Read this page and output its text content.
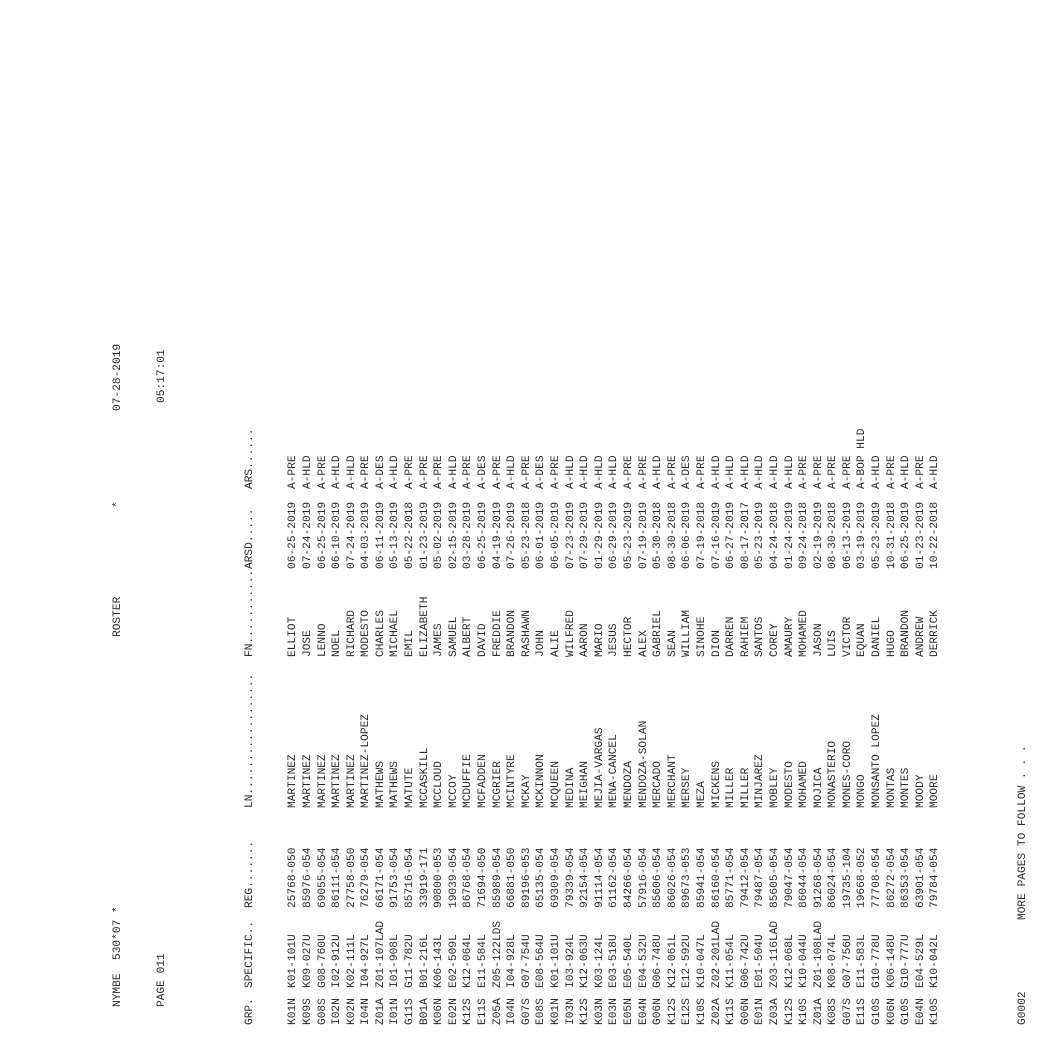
NYMBE  530*07 *

ROSTER

*

07-28-2019

PAGE 011

05:17:01

GRP.
SPECIFIC..
REG.......
LN..................
FN...........
ARSD.....
ARS......

K01N
K01-101U
25768-050
MARTINEZ
ELLIOT
06-25-2019
A-PRE
K09S
K09-027U
85976-054
MARTINEZ
JOSE
07-24-2019
A-HLD
G08S
G08-760U
69055-054
MARTINEZ
LENNO
06-25-2019
A-PRE
I02N
I02-912U
86111-054
MARTINEZ
NOEL
06-10-2019
A-HLD
K02N
K02-111L
27758-050
MARTINEZ
RICHARD
07-24-2019
A-HLD
I04N
I04-927L
76279-054
MARTINEZ-LOPEZ
MODESTO
04-03-2019
A-PRE
Z01A
Z01-107LAD
66171-054
MATHEWS
CHARLES
06-11-2019
A-DES
I01N
I01-908L
91753-054
MATHEWS
MICHAEL
05-13-2019
A-HLD
G11S
G11-782U
85716-054
MATUTE
EMIL
05-22-2018
A-PRE
B01A
B01-216L
33919-171
MCCASKILL
ELIZABETH
01-23-2019
A-PRE
K06N
K06-143L
90800-053
MCCLOUD
JAMES
05-02-2019
A-PRE
E02N
E02-509L
19039-054
MCCOY
SAMUEL
02-15-2019
A-HLD
K12S
K12-064L
86768-054
MCDUFFIE
ALBERT
03-28-2019
A-PRE
E11S
E11-584L
71694-050
MCFADDEN
DAVID
06-25-2019
A-DES
Z05A
Z05-122LDS
85989-054
MCGRIER
FREDDIE
04-19-2019
A-PRE
I04N
I04-928L
66881-050
MCINTYRE
BRANDON
07-26-2019
A-HLD
G07S
G07-754U
89196-053
MCKAY
RASHAWN
05-23-2018
A-PRE
E08S
E08-564U
65135-054
MCKINNON
JOHN
06-01-2019
A-DES
K01N
K01-101U
69309-054
MCQUEEN
ALIE
06-05-2019
A-PRE
I03N
I03-924L
79339-054
MEDINA
WILFRED
07-23-2019
A-HLD
K12S
K12-063U
92154-054
MEIGHAN
AARON
07-29-2019
A-HLD
K03N
K03-124L
91114-054
MEJIA-VARGAS
MARIO
01-29-2019
A-HLD
E03N
E03-518U
61162-054
MENA-CANCEL
JESUS
06-29-2019
A-HLD
E05N
E05-540L
84266-054
MENDOZA
HECTOR
05-23-2019
A-PRE
E04N
E04-532U
57916-054
MENDOZA-SOLAN
ALEX
07-19-2019
A-PRE
G06N
G06-748U
85606-054
MERCADO
GABRIEL
05-30-2018
A-HLD
K12S
K12-061L
86026-054
MERCHANT
SEAN
08-30-2018
A-PRE
E12S
E12-592U
89673-053
MERSEY
WILLIAM
06-06-2019
A-DES
K10S
K10-047L
85941-054
MEZA
SINOHE
07-19-2018
A-PRE
Z02A
Z02-201LAD
86160-054
MICKENS
DION
07-16-2019
A-HLD
K11S
K11-054L
85771-054
MILLER
DARREN
06-27-2019
A-HLD
G06N
G06-742U
79412-054
MILLER
RAHIEM
08-17-2017
A-HLD
E01N
E01-504U
79487-054
MINJAREZ
SANTOS
05-23-2019
A-HLD
Z03A
Z03-116LAD
85605-054
MOBLEY
COREY
04-24-2018
A-HLD
K12S
K12-068L
79047-054
MODESTO
AMAURY
01-24-2019
A-HLD
K10S
K10-044U
86044-054
MOHAMED
MOHAMED
09-24-2018
A-PRE
Z01A
Z01-108LAD
91268-054
MOJICA
JASON
02-19-2019
A-PRE
K08S
K08-074L
86024-054
MONASTERIO
LUIS
08-30-2018
A-PRE
G07S
G07-756U
19735-104
MONES-CORO
VICTOR
06-13-2019
A-PRE
E11S
E11-583L
19668-052
MONGO
EQUAN
03-19-2019
A-BOP HLD
G10S
G10-778U
77708-054
MONSANTO LOPEZ
DANIEL
05-23-2019
A-HLD
K06N
K06-148U
86272-054
MONTAS
HUGO
10-31-2018
A-PRE
G10S
G10-777U
86353-054
MONTES
BRANDON
06-25-2019
A-HLD
E04N
E04-529L
63901-054
MOODY
ANDREW
01-23-2019
A-PRE
K10S
K10-042L
79784-054
MOORE
DERRICK
10-22-2018
A-HLD

G0002
MORE PAGES TO FOLLOW . . .
